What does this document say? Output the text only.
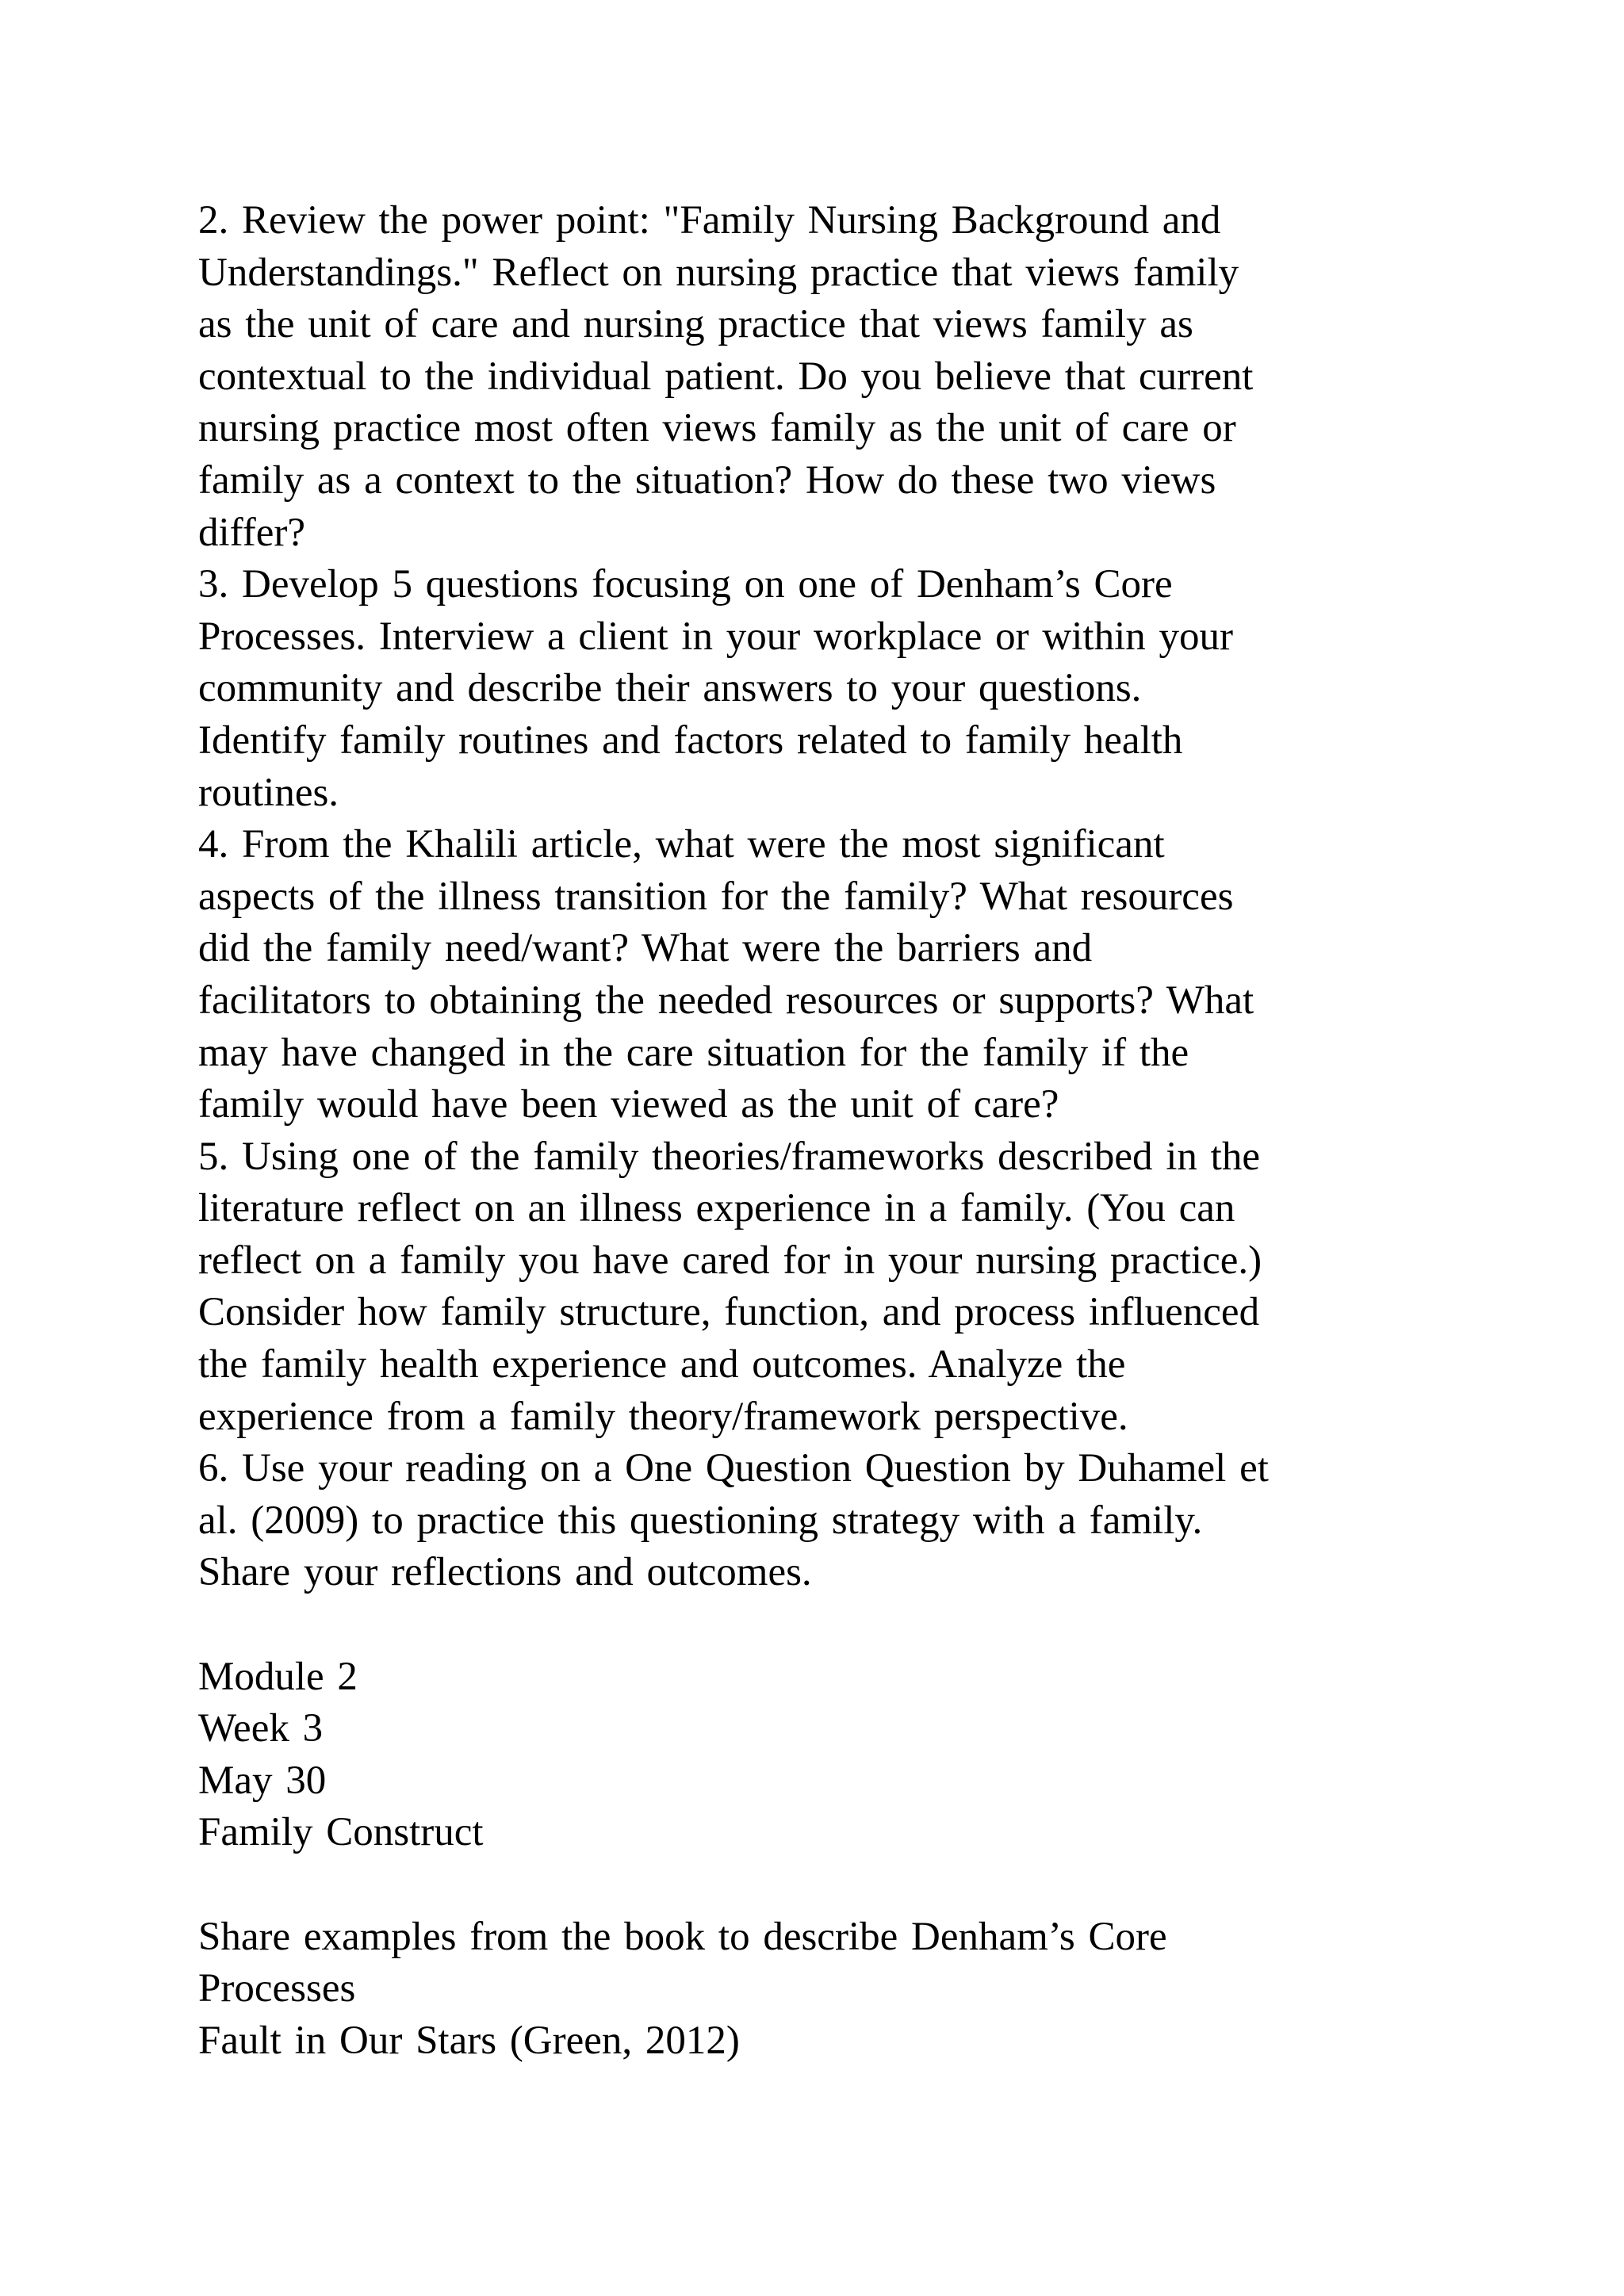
2. Review the power point: "Family Nursing Background and
Understandings." Reflect on nursing practice that views family
as the unit of care and nursing practice that views family as
contextual to the individual patient. Do you believe that current
nursing practice most often views family as the unit of care or
family as a context to the situation? How do these two views
differ?
3. Develop 5 questions focusing on one of Denham’s Core
Processes. Interview a client in your workplace or within your
community and describe their answers to your questions.
Identify family routines and factors related to family health
routines.
4. From the Khalili article, what were the most significant
aspects of the illness transition for the family? What resources
did the family need/want? What were the barriers and
facilitators to obtaining the needed resources or supports? What
may have changed in the care situation for the family if the
family would have been viewed as the unit of care?
5. Using one of the family theories/frameworks described in the
literature reflect on an illness experience in a family. (You can
reflect on a family you have cared for in your nursing practice.)
Consider how family structure, function, and process influenced
the family health experience and outcomes. Analyze the
experience from a family theory/framework perspective.
6. Use your reading on a One Question Question by Duhamel et
al. (2009) to practice this questioning strategy with a family.
Share your reflections and outcomes.
Module 2
Week 3
May 30
Family Construct
Share examples from the book to describe Denham’s Core
Processes
Fault in Our Stars (Green, 2012)
